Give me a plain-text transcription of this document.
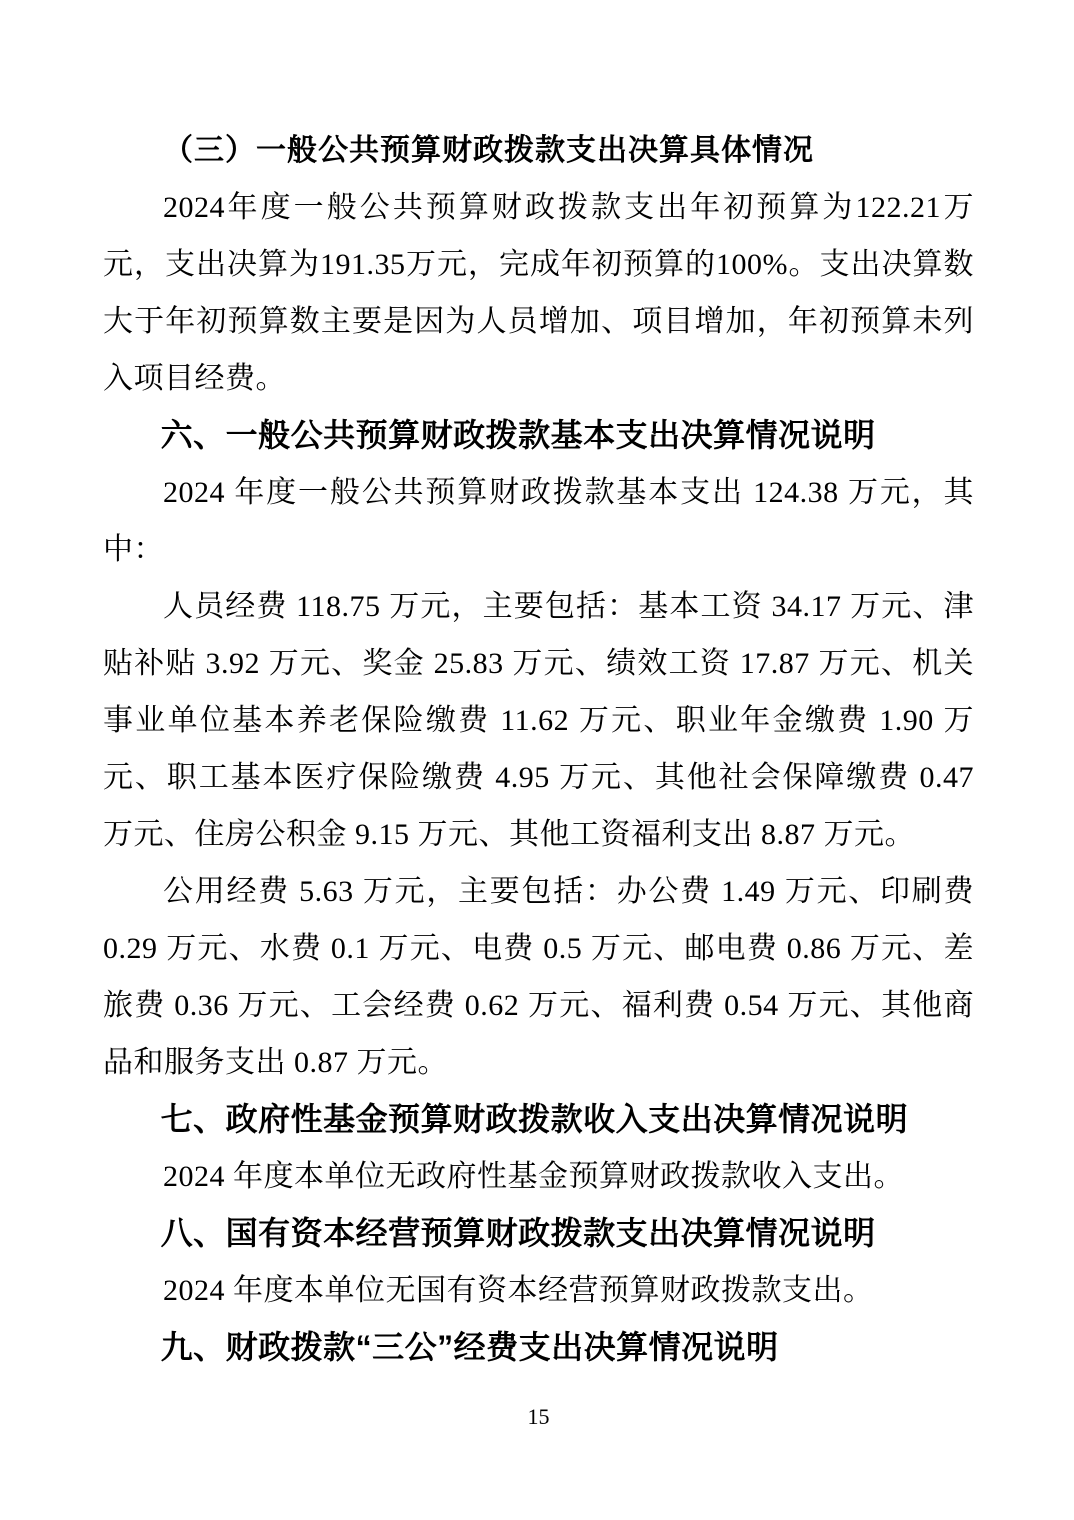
（三）一般公共预算财政拨款支出决算具体情况

2024年度一般公共预算财政拨款支出年初预算为122.21万元，支出决算为191.35万元，完成年初预算的100%。支出决算数大于年初预算数主要是因为人员增加、项目增加，年初预算未列入项目经费。

六、一般公共预算财政拨款基本支出决算情况说明

2024 年度一般公共预算财政拨款基本支出 124.38 万元，其中：

人员经费 118.75 万元，主要包括：基本工资 34.17 万元、津贴补贴 3.92 万元、奖金 25.83 万元、绩效工资 17.87 万元、机关事业单位基本养老保险缴费 11.62 万元、职业年金缴费 1.90 万元、职工基本医疗保险缴费 4.95 万元、其他社会保障缴费 0.47 万元、住房公积金 9.15 万元、其他工资福利支出 8.87 万元。

公用经费 5.63 万元，主要包括：办公费 1.49 万元、印刷费 0.29 万元、水费 0.1 万元、电费 0.5 万元、邮电费 0.86 万元、差旅费 0.36 万元、工会经费 0.62 万元、福利费 0.54 万元、其他商品和服务支出 0.87 万元。

七、政府性基金预算财政拨款收入支出决算情况说明

2024 年度本单位无政府性基金预算财政拨款收入支出。

八、国有资本经营预算财政拨款支出决算情况说明

2024 年度本单位无国有资本经营预算财政拨款支出。

九、财政拨款“三公”经费支出决算情况说明
15
